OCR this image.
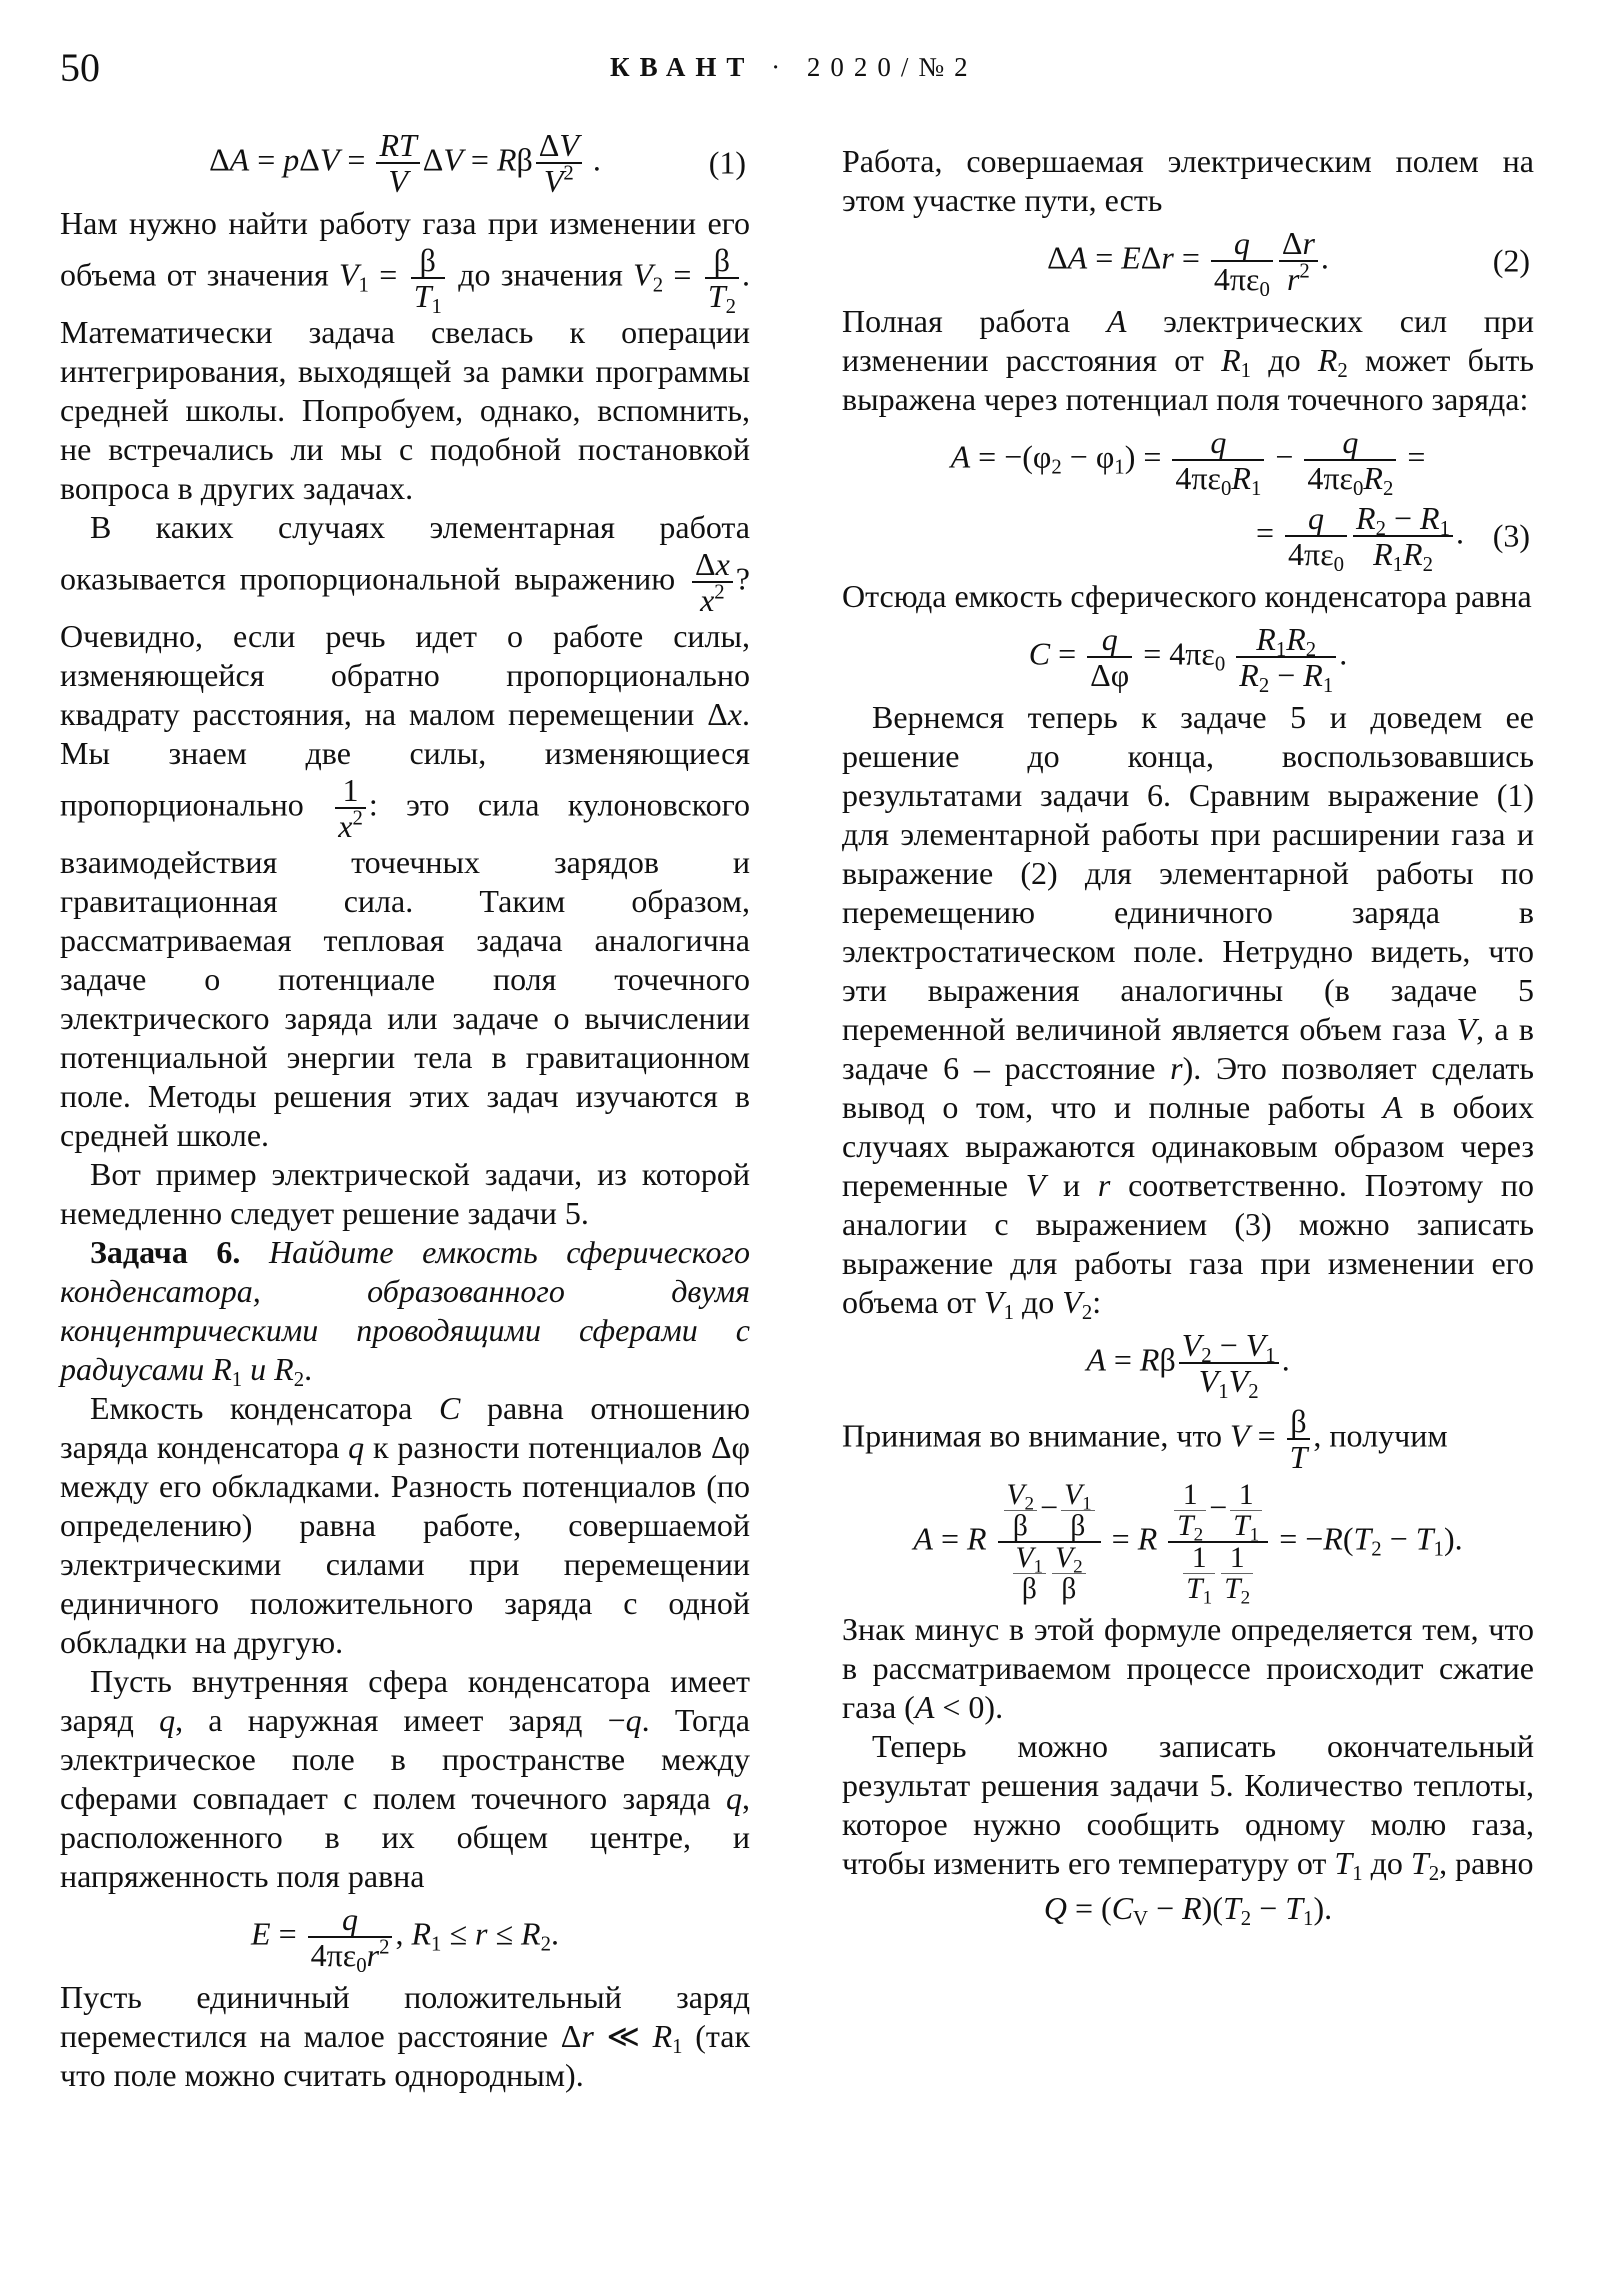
50	КВАНТ · 2020/№2
$\Delta A = p\Delta V = \frac{RT}{V}$ ΔV = Rβ $\frac{\Delta V}{V^2}$ .	(1)

Нам нужно найти работу газа при изменении его объема от значения $V_1 = \frac{\beta}{T_1}$ до значения $V_2 = \frac{\beta}{T_2}$ . Математически задача свелась к операции интегрирования, выходящей за рамки программы средней школы. Попробуем, однако, вспомнить, не встречались ли мы с подобной постановкой вопроса в других задачах.

В каких случаях элементарная работа оказывается пропорциональной выражению $\frac{\Delta x}{x^2}$ ? Очевидно, если речь идет о работе силы, изменяющейся обратно пропорционально квадрату расстояния, на малом перемещении Δx. Мы знаем две силы, изменяющиеся пропорционально $\frac{1}{x^2}$ : это сила кулоновского взаимодействия точечных зарядов и гравитационная сила. Таким образом, рассматриваемая тепловая задача аналогична задаче о потенциале поля точечного электрического заряда или задаче о вычислении потенциальной энергии тела в гравитационном поле. Методы решения этих задач изучаются в средней школе.

Вот пример электрической задачи, из которой немедленно следует решение задачи 5.

Задача 6. Найдите емкость сферического конденсатора, образованного двумя концентрическими проводящими сферами с радиусами $R_1$ и $R_2$.

Емкость конденсатора C равна отношению заряда конденсатора q к разности потенциалов Δφ между его обкладками. Разность потенциалов (по определению) равна работе, совершаемой электрическими силами при перемещении единичного положительного заряда с одной обкладки на другую.

Пусть внутренняя сфера конденсатора имеет заряд q, а наружная имеет заряд −q. Тогда электрическое поле в пространстве между сферами совпадает с полем точечного заряда q, расположенного в их общем центре, и напряженность поля равна

$E = \frac{q}{4\pi\varepsilon_0r^2}$ , $R_1 \le r \le R_2$.

Пусть единичный положительный заряд переместился на малое расстояние Δr ≪ $R_1$ (так что поле можно считать однородным).

Работа, совершаемая электрическим полем на этом участке пути, есть

$\Delta A = E\Delta r = \frac{q}{4\pi\varepsilon_0} \frac{\Delta r}{r^2}$ .	(2)

Полная работа A электрических сил при изменении расстояния от $R_1$ до $R_2$ может быть выражена через потенциал поля точечного заряда:

$A = -(\varphi_2 - \varphi_1) = \frac{q}{4\pi\varepsilon_0R_1} - \frac{q}{4\pi\varepsilon_0R_2}$ =
= $\frac{q}{4\pi\varepsilon_0} \frac{R_2 - R_1}{R_1R_2}$ . (3)

Отсюда емкость сферического конденсатора равна

$C = \frac{q}{\Delta\varphi} = 4\pi\varepsilon_0 \frac{R_1R_2}{R_2 - R_1}$ .

Вернемся теперь к задаче 5 и доведем ее решение до конца, воспользовавшись результатами задачи 6. Сравним выражение (1) для элементарной работы при расширении газа и выражение (2) для элементарной работы по перемещению единичного заряда в электростатическом поле. Нетрудно видеть, что эти выражения аналогичны (в задаче 5 переменной величиной является объем газа V, а в задаче 6 – расстояние r). Это позволяет сделать вывод о том, что и полные работы A в обоих случаях выражаются одинаковым образом через переменные V и r соответственно. Поэтому по аналогии с выражением (3) можно записать выражение для работы газа при изменении его объема от $V_1$ до $V_2$:

A = Rβ $\frac{V_2 - V_1}{V_1V_2}$ .

Принимая во внимание, что $V = \frac{\beta}{T}$ , получим

A = R $\frac{\frac{V_2}{\beta} - \frac{V_1}{\beta}}{\frac{V_1}{\beta} \frac{V_2}{\beta}} = R \frac{\frac{1}{T_2} - \frac{1}{T_1}}{\frac{1}{T_1} \frac{1}{T_2}} = -R(T_2 - T_1)$.

Знак минус в этой формуле определяется тем, что в рассматриваемом процессе происходит сжатие газа (A < 0).

Теперь можно записать окончательный результат решения задачи 5. Количество теплоты, которое нужно сообщить одному молю газа, чтобы изменить его температуру от $T_1$ до $T_2$, равно

$Q = (C_V - R)(T_2 - T_1)$.
